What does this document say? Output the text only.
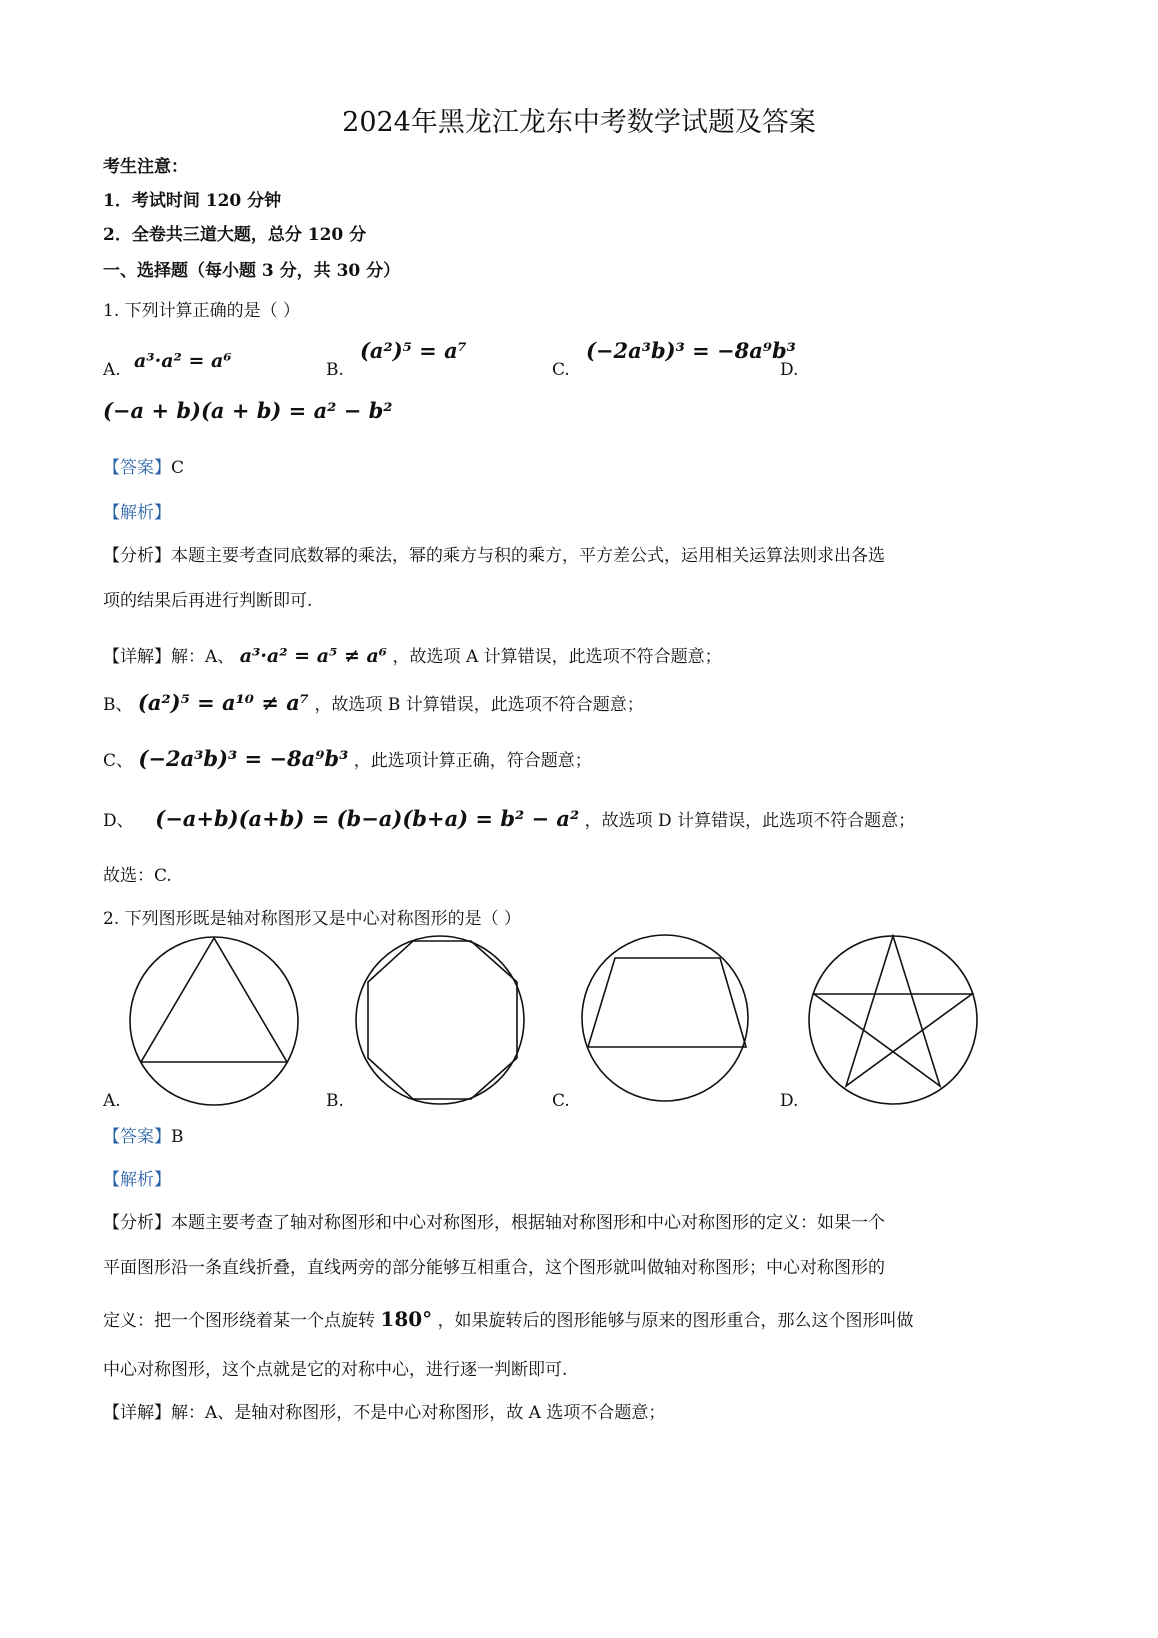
2024年黑龙江龙东中考数学试题及答案
考生注意：
1．考试时间 120 分钟
2．全卷共三道大题，总分 120 分
一、选择题（每小题 3 分，共 30 分）
1. 下列计算正确的是（ ）
A. a³·a² = a⁶	B.
(a²)⁵ = a⁷
C.
(−2a³b)³ = −8a⁹b³
D.
(−a + b)(a + b) = a² − b²
【答案】C
【解析】
【分析】本题主要考查同底数幂的乘法，幂的乘方与积的乘方，平方差公式，运用相关运算法则求出各选
项的结果后再进行判断即可.
【详解】解：A、 a³·a² = a⁵ ≠ a⁶ ，故选项 A 计算错误，此选项不符合题意；
B、 (a²)⁵ = a¹⁰ ≠ a⁷ ，故选项 B 计算错误，此选项不符合题意；
C、 (−2a³b)³ = −8a⁹b³ ，此选项计算正确，符合题意；
D、 (−a+b)(a+b) = (b−a)(b+a) = b² − a² ，故选项 D 计算错误，此选项不符合题意；
故选：C.
2. 下列图形既是轴对称图形又是中心对称图形的是（ ）
A.	B.	C.	D.
【答案】B
【解析】
【分析】本题主要考查了轴对称图形和中心对称图形，根据轴对称图形和中心对称图形的定义：如果一个
平面图形沿一条直线折叠，直线两旁的部分能够互相重合，这个图形就叫做轴对称图形；中心对称图形的
定义：把一个图形绕着某一个点旋转 180° ，如果旋转后的图形能够与原来的图形重合，那么这个图形叫做
中心对称图形，这个点就是它的对称中心，进行逐一判断即可.
【详解】解：A、是轴对称图形，不是中心对称图形，故 A 选项不合题意；
